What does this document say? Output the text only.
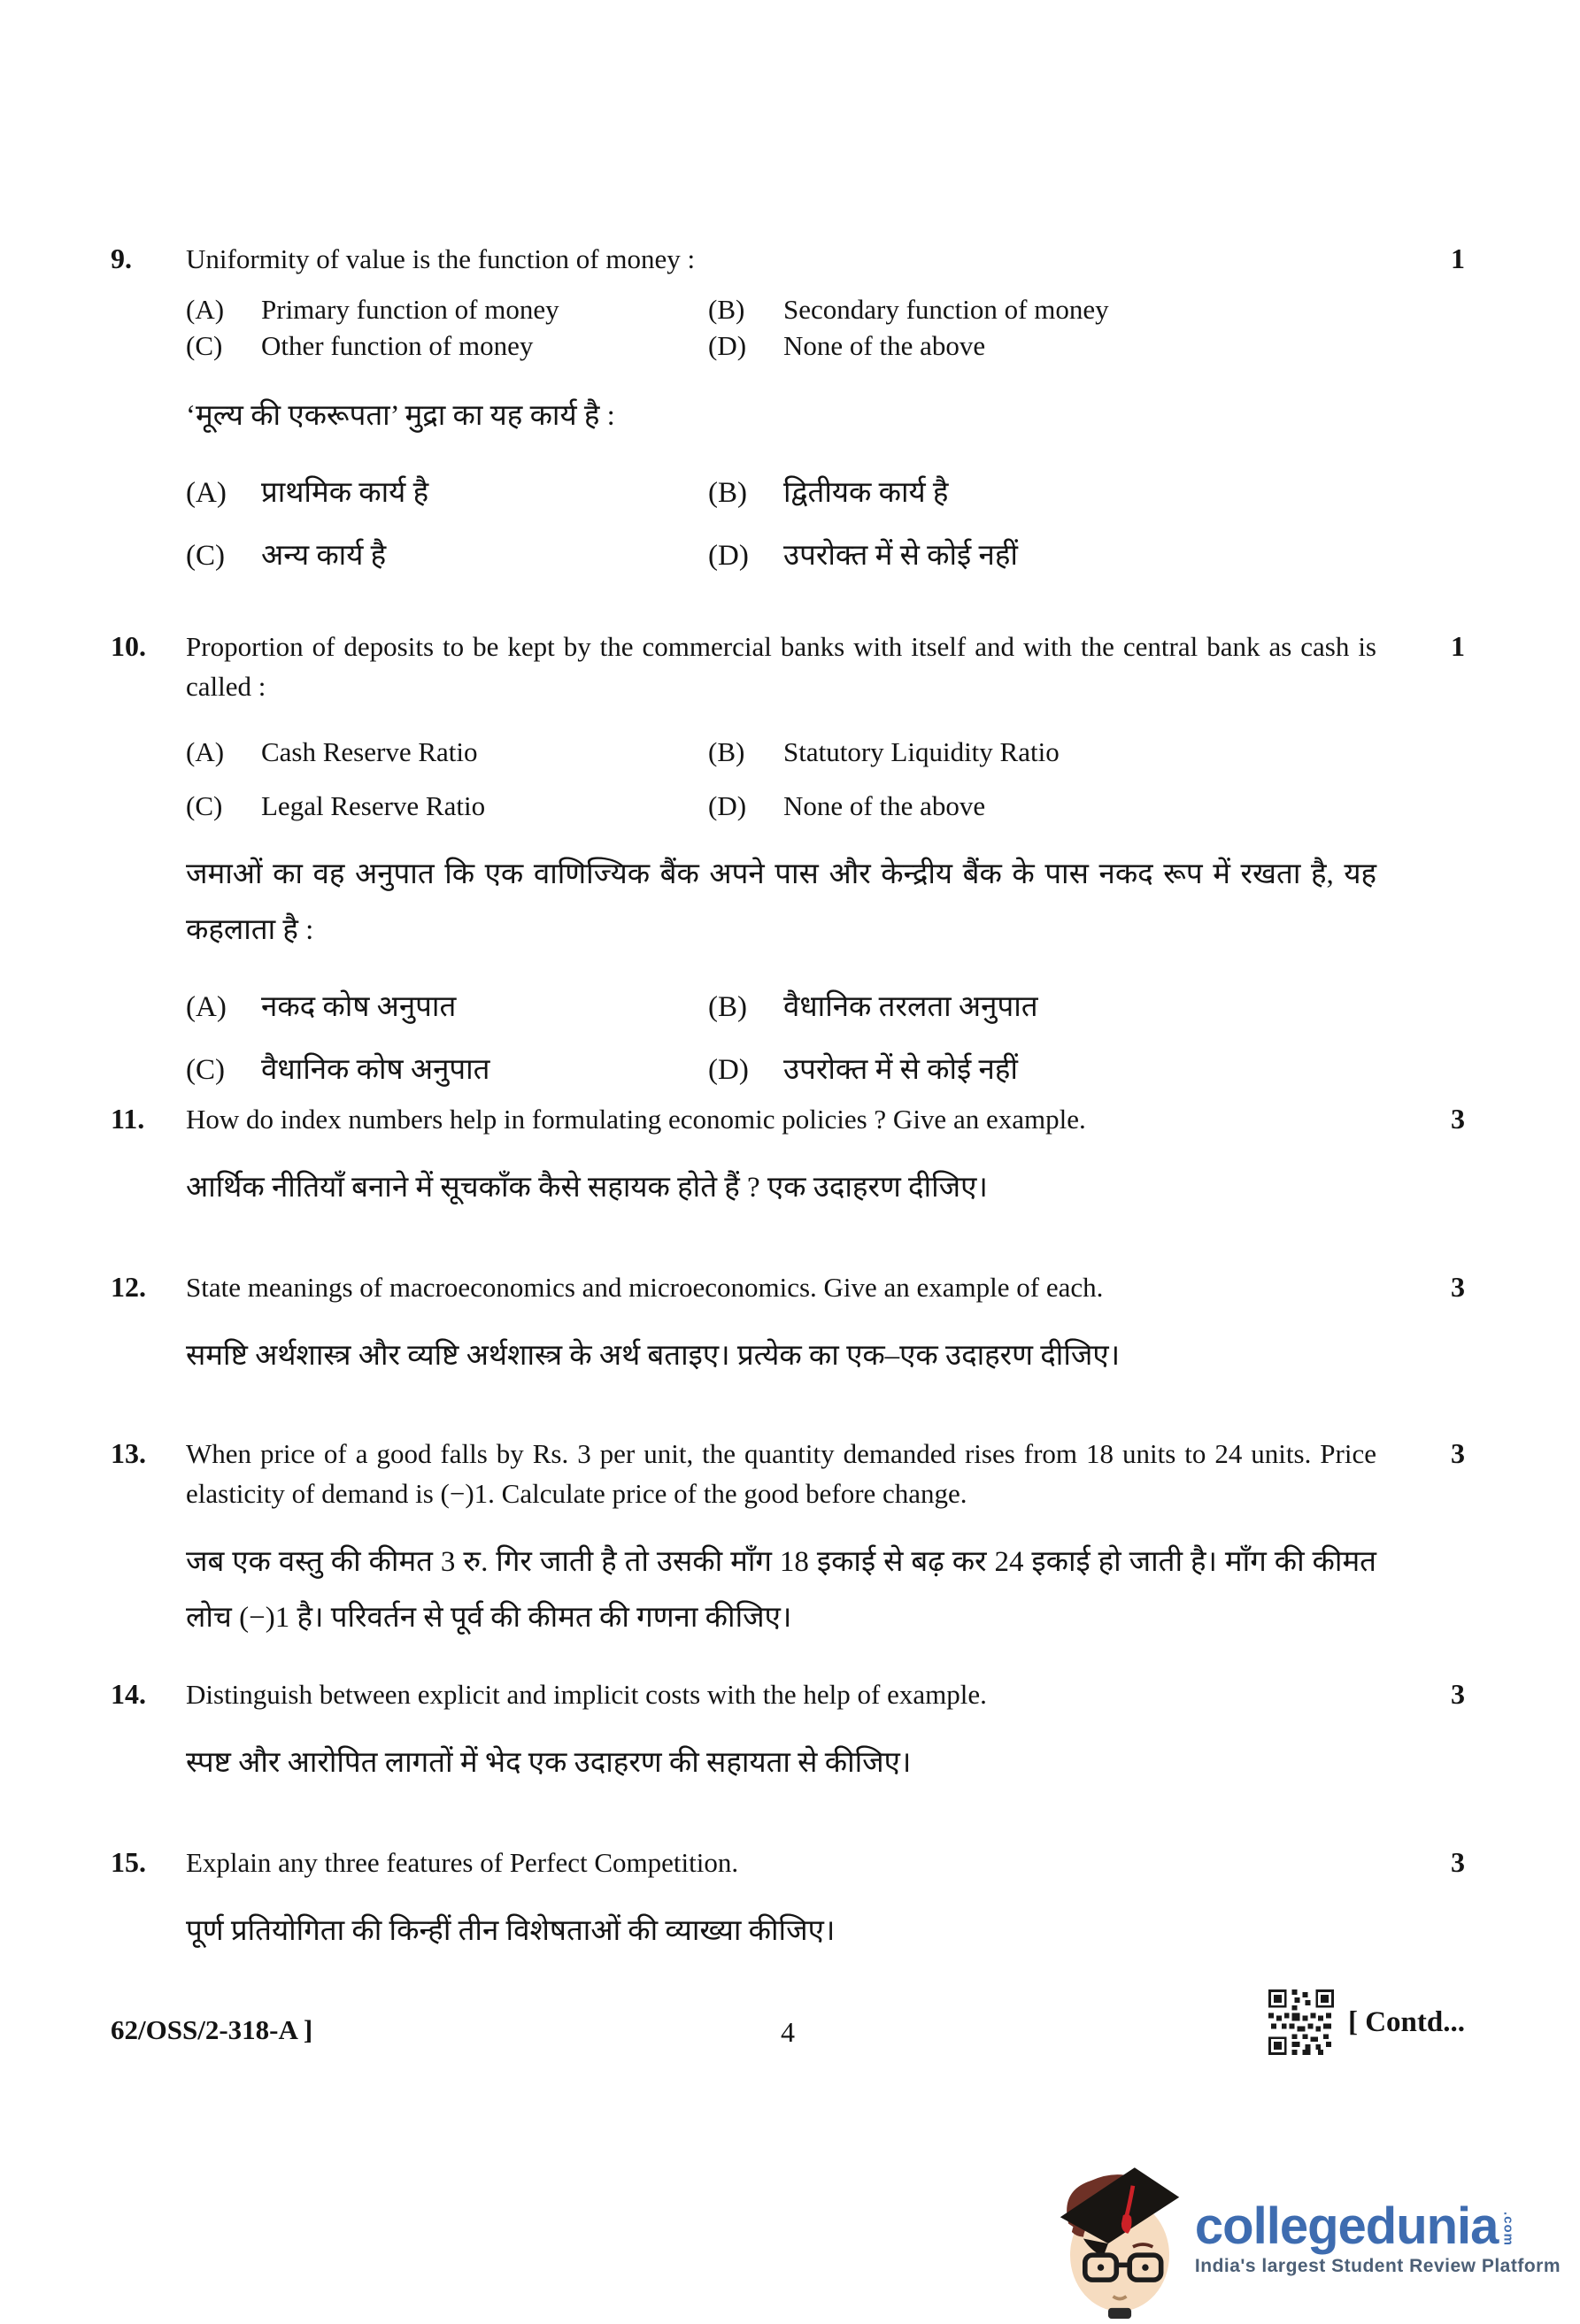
9.	Uniformity of value is the function of money :
(A)	Primary function of money	(B)	Secondary function of money
(C)	Other function of money	(D)	None of the above
‘मूल्य की एकरूपता’ मुद्रा का यह कार्य है :
(A)	प्राथमिक कार्य है	(B)	द्वितीयक कार्य है
(C)	अन्य कार्य है	(D)	उपरोक्त में से कोई नहीं
1
10.	Proportion of deposits to be kept by the commercial banks with itself and with the central bank as cash is called :
(A)	Cash Reserve Ratio	(B)	Statutory Liquidity Ratio
(C)	Legal Reserve Ratio	(D)	None of the above
जमाओं का वह अनुपात कि एक वाणिज्यिक बैंक अपने पास और केन्द्रीय बैंक के पास नकद रूप में रखता है, यह कहलाता है :
(A)	नकद कोष अनुपात	(B)	वैधानिक तरलता अनुपात
(C)	वैधानिक कोष अनुपात	(D)	उपरोक्त में से कोई नहीं
1
11.	How do index numbers help in formulating economic policies ? Give an example.
आर्थिक नीतियाँ बनाने में सूचकाँक कैसे सहायक होते हैं ? एक उदाहरण दीजिए।
3
12.	State meanings of macroeconomics and microeconomics. Give an example of each.
समष्टि अर्थशास्त्र और व्यष्टि अर्थशास्त्र के अर्थ बताइए। प्रत्येक का एक–एक उदाहरण दीजिए।
3
13.	When price of a good falls by Rs. 3 per unit, the quantity demanded rises from 18 units to 24 units. Price elasticity of demand is (−)1. Calculate price of the good before change.
जब एक वस्तु की कीमत 3 रु. गिर जाती है तो उसकी माँग 18 इकाई से बढ़ कर 24 इकाई हो जाती है। माँग की कीमत लोच (−)1 है। परिवर्तन से पूर्व की कीमत की गणना कीजिए।
3
14.	Distinguish between explicit and implicit costs with the help of example.
स्पष्ट और आरोपित लागतों में भेद एक उदाहरण की सहायता से कीजिए।
3
15.	Explain any three features of Perfect Competition.
पूर्ण प्रतियोगिता की किन्हीं तीन विशेषताओं की व्याख्या कीजिए।
3
62/OSS/2-318-A ]	4	[ Contd...
collegedunia .com
India's largest Student Review Platform
